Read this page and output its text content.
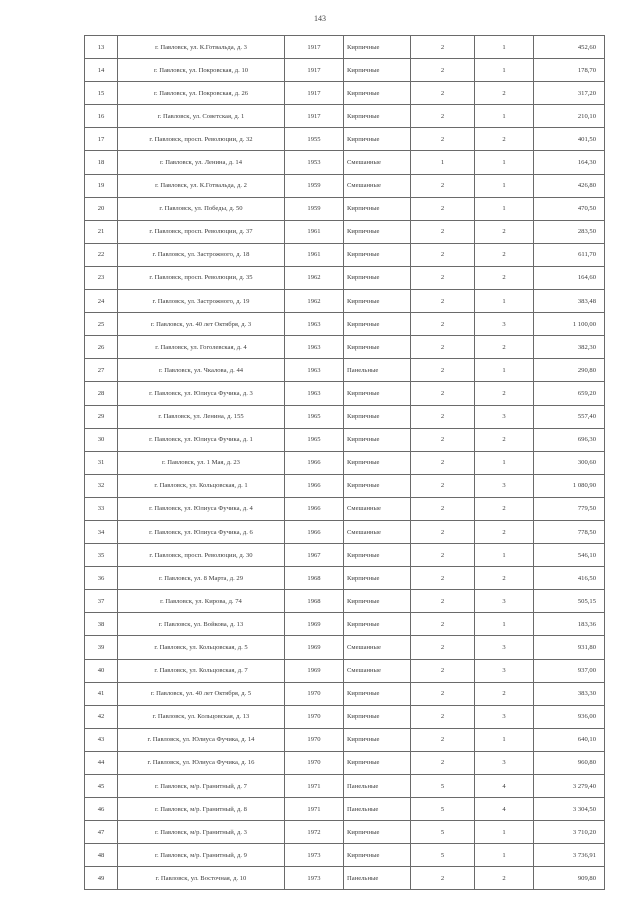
143
13	г. Павловск, ул. К.Готвальда, д. 3	1917	Кирпичные	2	1	452,60
14	г. Павловск, ул. Покровская, д. 10	1917	Кирпичные	2	1	178,70
15	г. Павловск, ул. Покровская, д. 26	1917	Кирпичные	2	2	317,20
16	г. Павловск, ул. Советская, д. 1	1917	Кирпичные	2	1	210,10
17	г. Павловск, просп. Революции, д. 32	1955	Кирпичные	2	2	401,50
18	г. Павловск, ул. Ленина, д. 14	1953	Смешанные	1	1	164,30
19	г. Павловск, ул. К.Готвальда, д. 2	1959	Смешанные	2	1	426,80
20	г. Павловск, ул. Победы, д. 50	1959	Кирпичные	2	1	470,50
21	г. Павловск, просп. Революции, д. 37	1961	Кирпичные	2	2	283,50
22	г. Павловск, ул. Застрожного, д. 18	1961	Кирпичные	2	2	611,70
23	г. Павловск, просп. Революции, д. 35	1962	Кирпичные	2	2	164,60
24	г. Павловск, ул. Застрожного, д. 19	1962	Кирпичные	2	1	383,48
25	г. Павловск, ул. 40 лет Октября, д. 3	1963	Кирпичные	2	3	1 100,00
26	г. Павловск, ул. Гоголевская, д. 4	1963	Кирпичные	2	2	382,30
27	г. Павловск, ул. Чкалова, д. 44	1963	Панельные	2	1	290,80
28	г. Павловск, ул. Юлиуса Фучика, д. 3	1963	Кирпичные	2	2	659,20
29	г. Павловск, ул. Ленина, д. 155	1965	Кирпичные	2	3	557,40
30	г. Павловск, ул. Юлиуса Фучика, д. 1	1965	Кирпичные	2	2	696,30
31	г. Павловск, ул. 1 Мая, д. 23	1966	Кирпичные	2	1	300,60
32	г. Павловск, ул. Кольцовская, д. 1	1966	Кирпичные	2	3	1 080,90
33	г. Павловск, ул. Юлиуса Фучика, д. 4	1966	Смешанные	2	2	779,50
34	г. Павловск, ул. Юлиуса Фучика, д. 6	1966	Смешанные	2	2	778,50
35	г. Павловск, просп. Революции, д. 30	1967	Кирпичные	2	1	546,10
36	г. Павловск, ул. 8 Марта, д. 29	1968	Кирпичные	2	2	416,50
37	г. Павловск, ул. Кирова, д. 74	1968	Кирпичные	2	3	505,15
38	г. Павловск, ул. Войкова, д. 13	1969	Кирпичные	2	1	183,36
39	г. Павловск, ул. Кольцовская, д. 5	1969	Смешанные	2	3	931,80
40	г. Павловск, ул. Кольцовская, д. 7	1969	Смешанные	2	3	937,00
41	г. Павловск, ул. 40 лет Октября, д. 5	1970	Кирпичные	2	2	383,30
42	г. Павловск, ул. Кольцовская, д. 13	1970	Кирпичные	2	3	936,00
43	г. Павловск, ул. Юлиуса Фучика, д. 14	1970	Кирпичные	2	1	640,10
44	г. Павловск, ул. Юлиуса Фучика, д. 16	1970	Кирпичные	2	3	960,80
45	г. Павловск, м/р. Гранитный, д. 7	1971	Панельные	5	4	3 279,40
46	г. Павловск, м/р. Гранитный, д. 8	1971	Панельные	5	4	3 304,50
47	г. Павловск, м/р. Гранитный, д. 3	1972	Кирпичные	5	1	3 710,20
48	г. Павловск, м/р. Гранитный, д. 9	1973	Кирпичные	5	1	3 736,91
49	г. Павловск, ул. Восточная, д. 10	1973	Панельные	2	2	909,80
